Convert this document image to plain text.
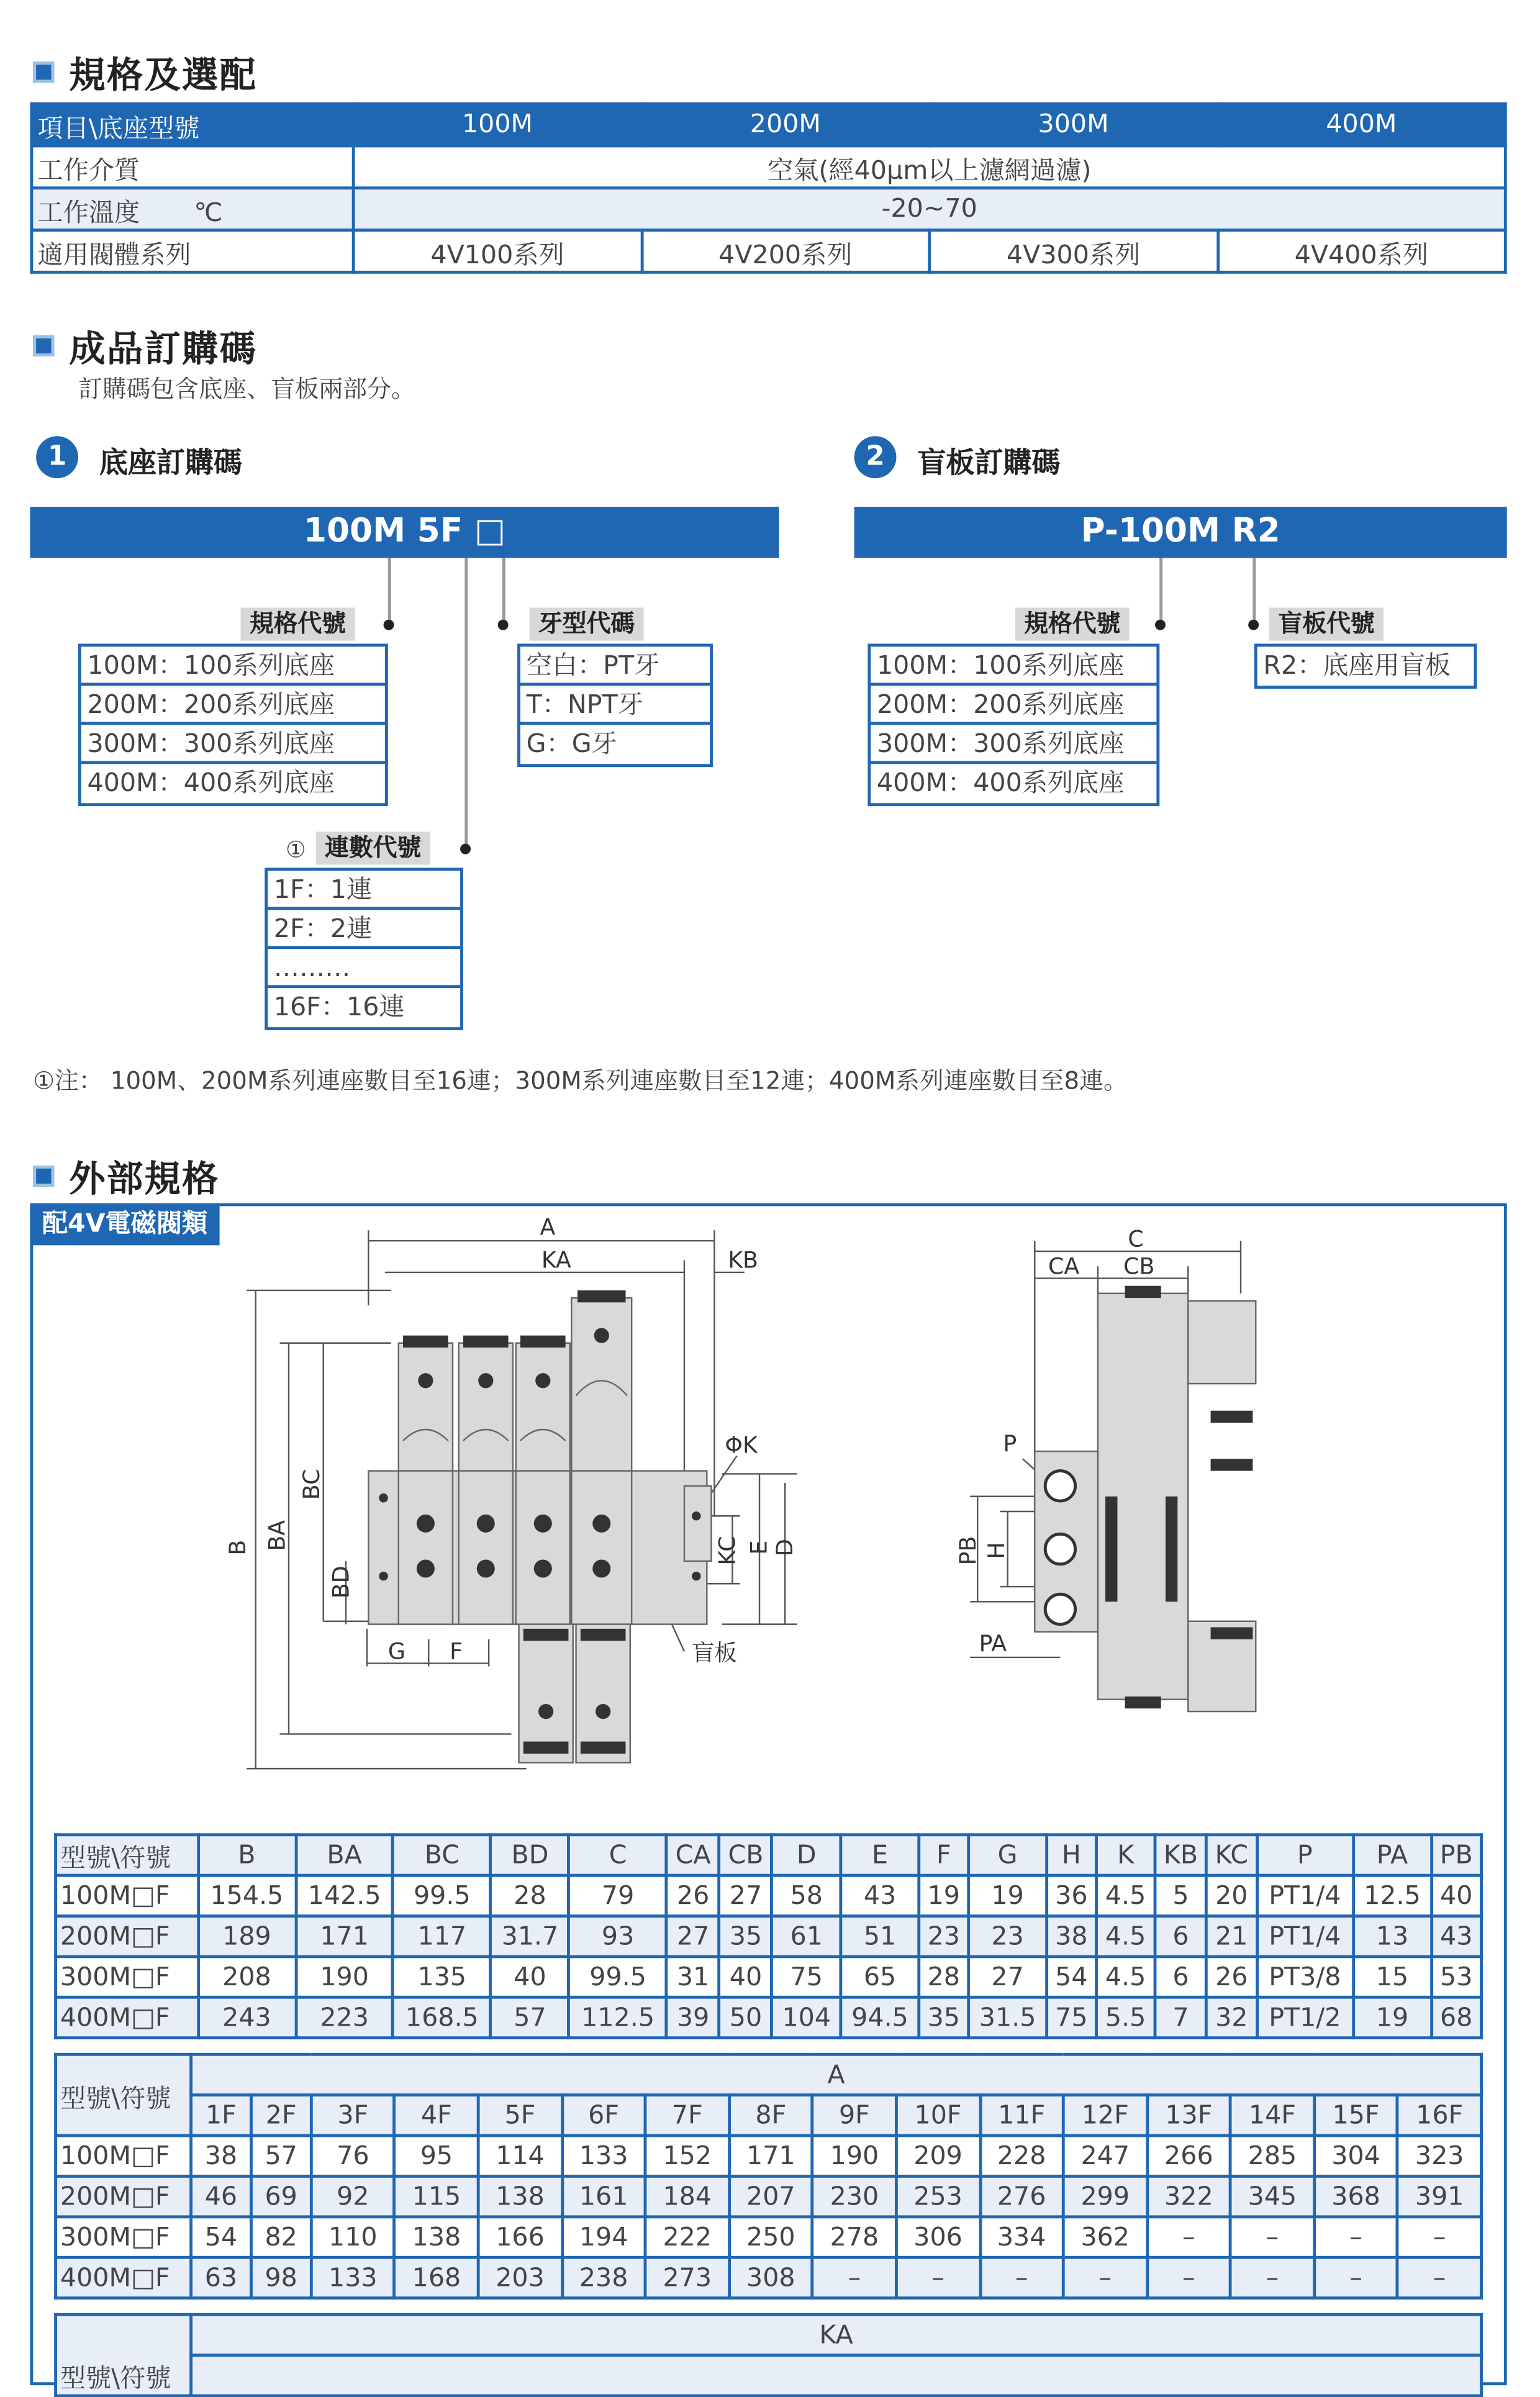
規格及選配
項目\底座型號	100M	200M	300M	400M
工作介質	空氣(經40μm以上濾網過濾)			
工作溫度 ℃	-20~70			
適用閥體系列	4V100系列	4V200系列	4V300系列	4V400系列
成品訂購碼
訂購碼包含底座、盲板兩部分。
1	底座訂購碼
100M 5F □
規格代號
100M：100系列底座
200M：200系列底座
300M：300系列底座
400M：400系列底座
牙型代碼
空白：PT牙
T：NPT牙
G：G牙
①	連數代號
1F：1連
2F：2連
………
16F：16連
2	盲板訂購碼
P-100M R2
規格代號
100M：100系列底座
200M：200系列底座
300M：300系列底座
400M：400系列底座
盲板代號
R2：底座用盲板
①注： 100M、200M系列連座數目至16連；300M系列連座數目至12連；400M系列連座數目至8連。
外部規格
配4V電磁閥類	A
KA	KB
ΦK
B BA
BC
BD
KC E
D
G	F	盲板
C
CA	CB
P
PB H
PA
型號\符號	B	BA	BC	BD	C	CA	CB	D	E	F	G	H	K	KB	KC	P	PA	PB
100M□F	154.5	142.5	99.5	28	79	26	27	58	43	19	19	36	4.5	5	20	PT1/4	12.5	40
200M□F	189	171	117	31.7	93	27	35	61	51	23	23	38	4.5	6	21	PT1/4	13	43
300M□F	208	190	135	40	99.5	31	40	75	65	28	27	54	4.5	6	26	PT3/8	15	53
400M□F	243	223	168.5	57	112.5	39	50	104	94.5	35	31.5	75	5.5	7	32	PT1/2	19	68
型號\符號	A															
	1F	2F	3F	4F	5F	6F	7F	8F	9F	10F	11F	12F	13F	14F	15F	16F
100M□F	38	57	76	95	114	133	152	171	190	209	228	247	266	285	304	323
200M□F	46	69	92	115	138	161	184	207	230	253	276	299	322	345	368	391
300M□F	54	82	110	138	166	194	222	250	278	306	334	362	–	–	–	–
400M□F	63	98	133	168	203	238	273	308	–	–	–	–	–	–	–	–
型號\符號	KA
